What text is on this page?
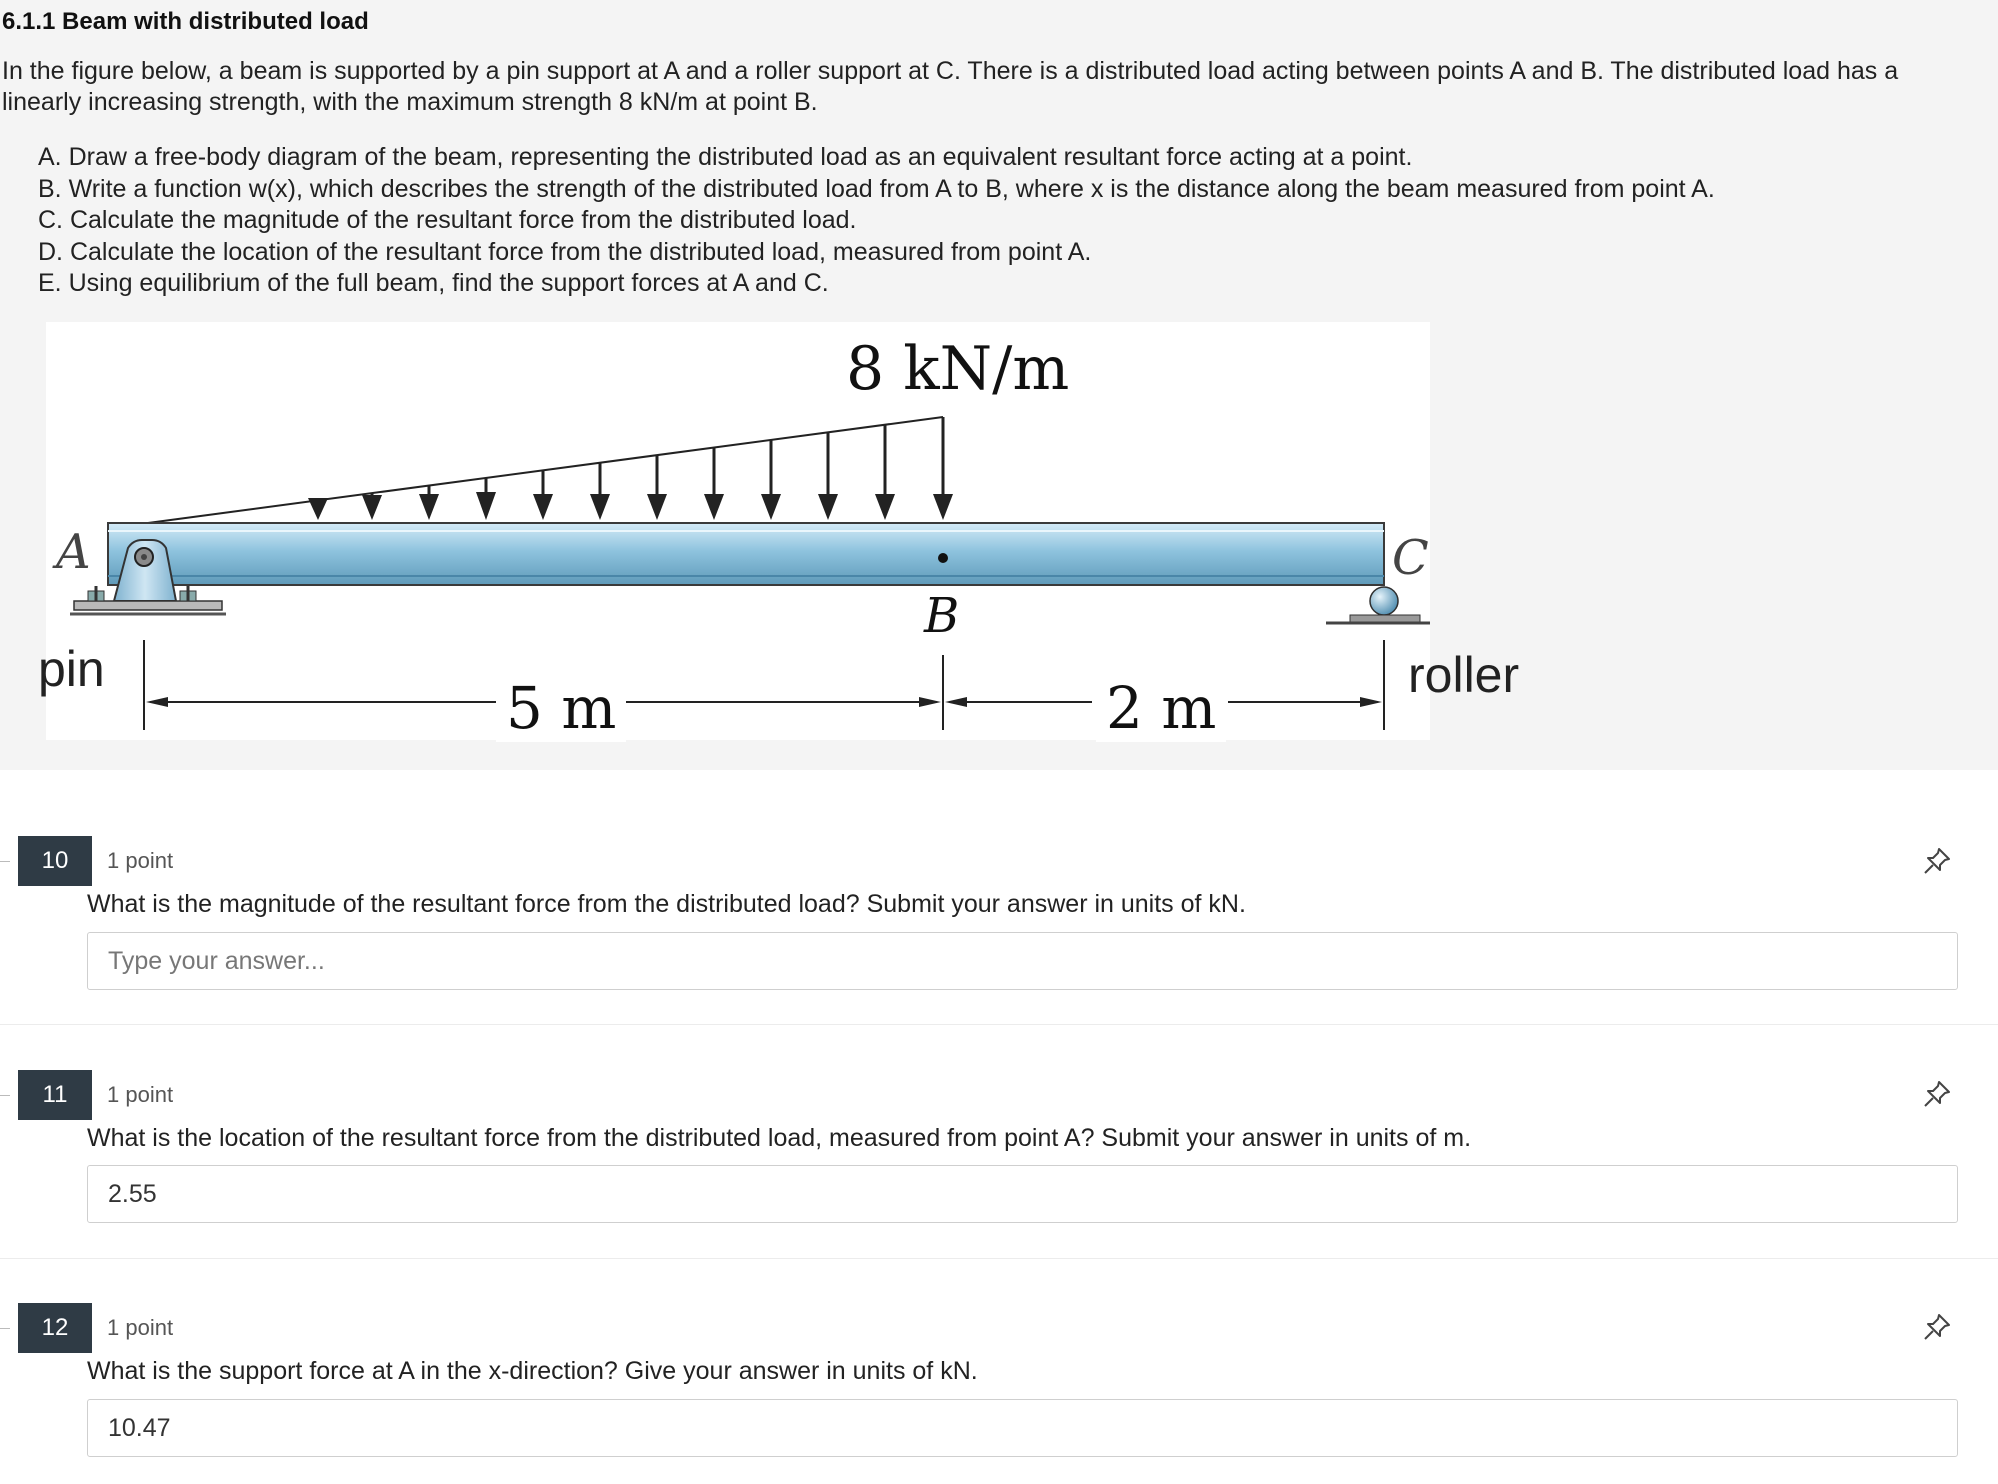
6.1.1 Beam with distributed load
In the figure below, a beam is supported by a pin support at A and a roller support at C. There is a distributed load acting between points A and B. The distributed load has a linearly increasing strength, with the maximum strength 8 kN/m at point B.
A. Draw a free-body diagram of the beam, representing the distributed load as an equivalent resultant force acting at a point.
B. Write a function w(x), which describes the strength of the distributed load from A to B, where x is the distance along the beam measured from point A.
C. Calculate the magnitude of the resultant force from the distributed load.
D. Calculate the location of the resultant force from the distributed load, measured from point A.
E. Using equilibrium of the full beam, find the support forces at A and C.
8 kN/m
A
B
C
pin	roller
5 m	2 m
10	1 point
What is the magnitude of the resultant force from the distributed load? Submit your answer in units of kN.
Type your answer...
11	1 point
What is the location of the resultant force from the distributed load, measured from point A? Submit your answer in units of m.
2.55
12	1 point
What is the support force at A in the x-direction? Give your answer in units of kN.
10.47
